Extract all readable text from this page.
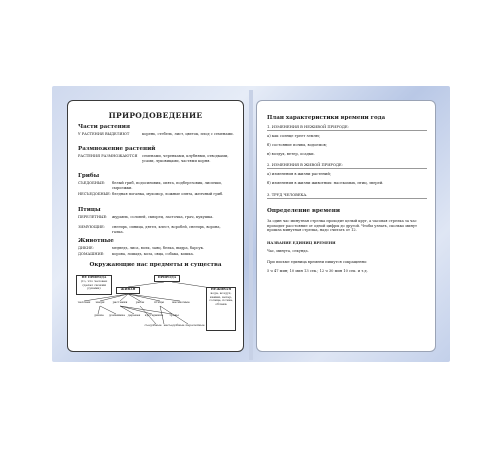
ПРИРОДОВЕДЕНИЕ
Части растения
У РАСТЕНИЯ ВЫДЕЛЯЮТ	корень, стебель, лист, цветок, плод с семенами.
Размножение растений
РАСТЕНИЯ РАЗМНОЖАЮТСЯ семенами, черенками, клубнями, отводками, усами, луковицами, частями корня.
Грибы
СЪЕДОБНЫЕ: белый гриб, подосиновик, опята, подберезовик, лисички, сыроежки.
НЕСЪЕДОБНЫЕ:бледная поганка, мухомор, ложные опята, желчный гриб.
Птицы
ПЕРЕЛЕТНЫЕ: журавль, соловей, скворец, ласточка, грач, кукушка.
ЗИМУЮЩИЕ: снегирь, синица, дятел, клест, воробей, снегирь, ворона, галка.
Животные
ДИКИЕ:	медведь, лиса, волк, заяц, белка, выдра, барсук.
ДОМАШНИЕ: корова, лошадь, коза, овца, собака, кошка.
Окружающие нас предметы и существа
НЕ ПРИРОДА
(то, что человек сделал своими руками)
ПРИРОДА
ЖИВАЯ	НЕЖИВАЯ
вода, воздух, камни, ветер, солнце, почва, облака
человек	звери	растения	рыбы	птицы	насекомые
дикие	домашние деревья	кустарники	травы
cъедобные несъедобные перелетные
План характеристики времени года
1. ИЗМЕНЕНИЯ В НЕЖИВОЙ ПРИРОДЕ:
а) как солнце греет землю;
б) состояние почвы, водоемов;
в) воздух, ветер, осадки.
2. ИЗМЕНЕНИЯ В ЖИВОЙ ПРИРОДЕ:
а) изменения в жизни растений;
б) изменения в жизни животных: насекомых, птиц, зверей.
3. ТРУД ЧЕЛОВЕКА.
Определение времени
За один час минутная стрелка проходит целый круг, а часовая стрелка за час проходит расстояние от одной цифры до другой. Чтобы узнать, сколько минут прошла минутная стрелка, надо считать от 12.
НАЗВАНИЕ ЕДИНИЦ ВРЕМЕНИ
Час, минута, секунда.
При письме единица времени пишутся сокращенно:
5 ч 47 мин; 10 мин 13 сек.; 12 ч 30 мин 10 сек. и т.д.
